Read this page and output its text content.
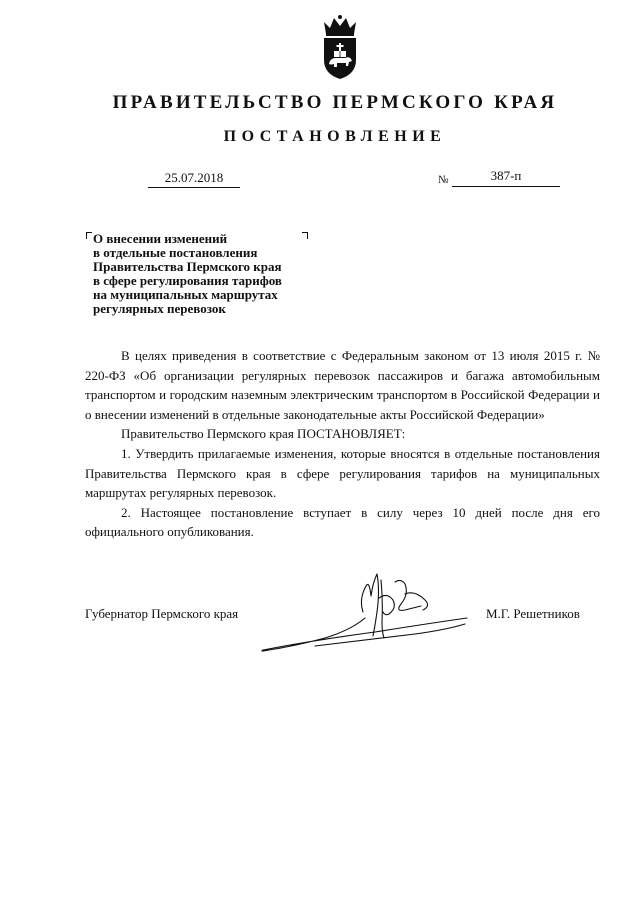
ПРАВИТЕЛЬСТВО ПЕРМСКОГО КРАЯ
ПОСТАНОВЛЕНИЕ
25.07.2018	№	387-п
О внесении изменений
в отдельные постановления
Правительства Пермского края
в сфере регулирования тарифов
на муниципальных маршрутах
регулярных перевозок

В целях приведения в соответствие с Федеральным законом от 13 июля 2015 г. № 220-ФЗ «Об организации регулярных перевозок пассажиров и багажа автомобильным транспортом и городским наземным электрическим транспортом в Российской Федерации и о внесении изменений в отдельные законодательные акты Российской Федерации»

Правительство Пермского края ПОСТАНОВЛЯЕТ:

1. Утвердить прилагаемые изменения, которые вносятся в отдельные постановления Правительства Пермского края в сфере регулирования тарифов на муниципальных маршрутах регулярных перевозок.

2. Настоящее постановление вступает в силу через 10 дней после дня его официального опубликования.

Губернатор Пермского края	М.Г. Решетников
